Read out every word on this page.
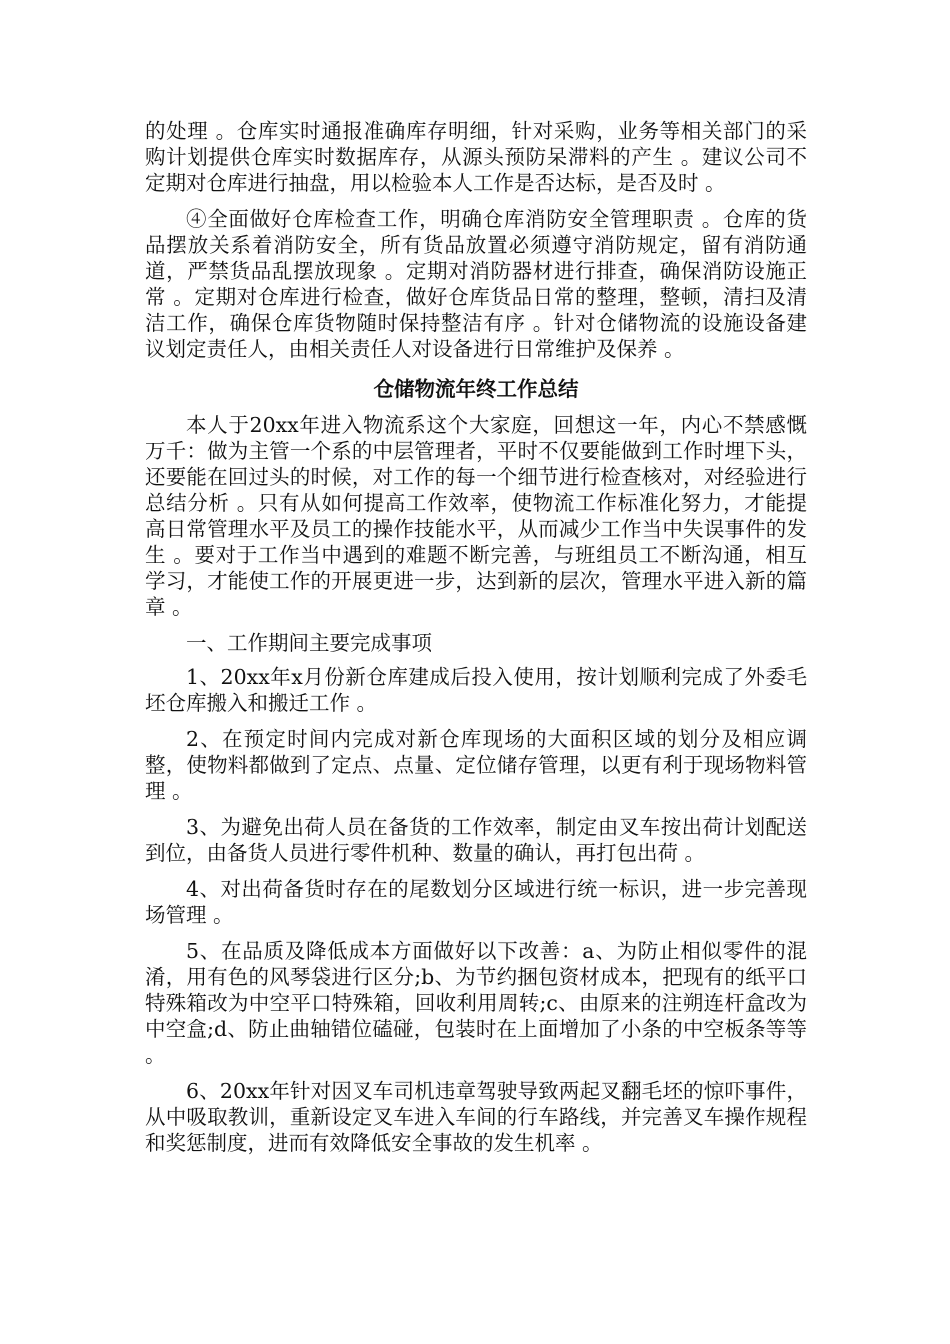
的处理 。仓库实时通报准确库存明细，针对采购，业务等相关部门的采购计划提供仓库实时数据库存，从源头预防呆滞料的产生 。建议公司不定期对仓库进行抽盘，用以检验本人工作是否达标，是否及时 。

④全面做好仓库检查工作，明确仓库消防安全管理职责 。仓库的货品摆放关系着消防安全，所有货品放置必须遵守消防规定，留有消防通道，严禁货品乱摆放现象 。定期对消防器材进行排查，确保消防设施正常 。定期对仓库进行检查，做好仓库货品日常的整理，整顿，清扫及清洁工作，确保仓库货物随时保持整洁有序 。针对仓储物流的设施设备建议划定责任人，由相关责任人对设备进行日常维护及保养 。

仓储物流年终工作总结

本人于20xx年进入物流系这个大家庭，回想这一年，内心不禁感慨万千：做为主管一个系的中层管理者，平时不仅要能做到工作时埋下头，还要能在回过头的时候，对工作的每一个细节进行检查核对，对经验进行总结分析 。只有从如何提高工作效率，使物流工作标准化努力，才能提高日常管理水平及员工的操作技能水平，从而减少工作当中失误事件的发生 。要对于工作当中遇到的难题不断完善，与班组员工不断沟通，相互学习，才能使工作的开展更进一步，达到新的层次，管理水平进入新的篇章 。

一、工作期间主要完成事项

1、20xx年x月份新仓库建成后投入使用，按计划顺利完成了外委毛坯仓库搬入和搬迁工作 。

2、在预定时间内完成对新仓库现场的大面积区域的划分及相应调整，使物料都做到了定点、点量、定位储存管理，以更有利于现场物料管理 。

3、为避免出荷人员在备货的工作效率，制定由叉车按出荷计划配送到位，由备货人员进行零件机种、数量的确认，再打包出荷 。

4、对出荷备货时存在的尾数划分区域进行统一标识，进一步完善现场管理 。

5、在品质及降低成本方面做好以下改善：a、为防止相似零件的混淆，用有色的风琴袋进行区分;b、为节约捆包资材成本，把现有的纸平口特殊箱改为中空平口特殊箱，回收利用周转;c、由原来的注朔连杆盒改为中空盒;d、防止曲轴错位磕碰，包装时在上面增加了小条的中空板条等等 。

6、20xx年针对因叉车司机违章驾驶导致两起叉翻毛坯的惊吓事件，从中吸取教训，重新设定叉车进入车间的行车路线，并完善叉车操作规程和奖惩制度，进而有效降低安全事故的发生机率 。
